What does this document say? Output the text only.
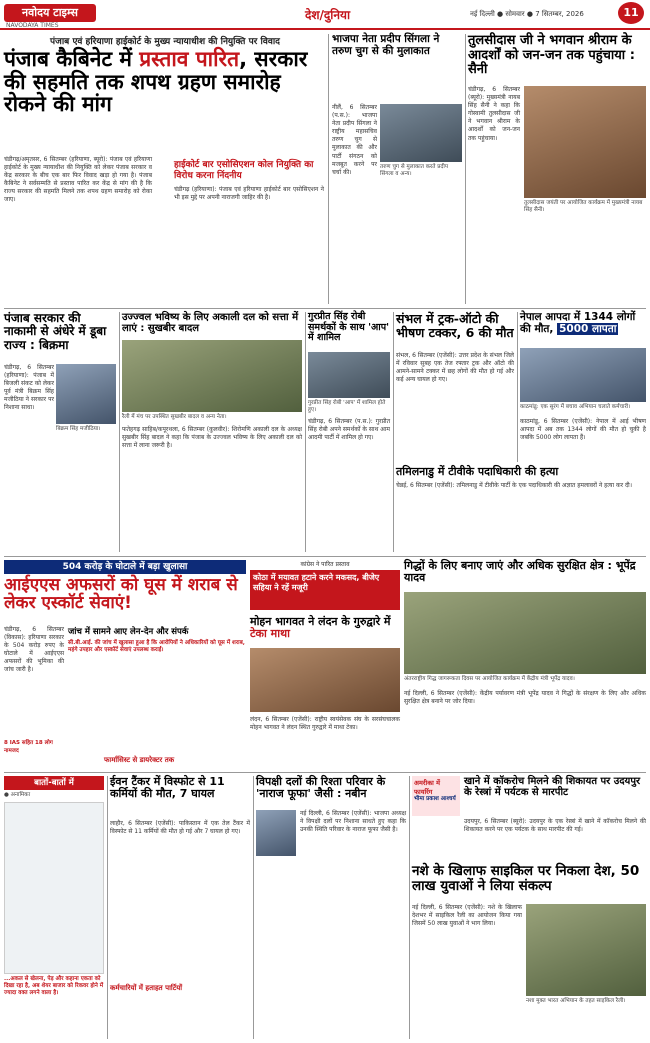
नवोदय टाइम्स
NAVODAYA TIMES
देश/दुनिया	नई दिल्ली ● सोमवार ● 7 सितम्बर, 2026	11
पंजाब एवं हरियाणा हाईकोर्ट के मुख्य न्यायाधीश की नियुक्ति पर विवाद
पंजाब कैबिनेट में प्रस्ताव पारित, सरकार की सहमति तक शपथ ग्रहण समारोह रोकने की मांग
चंडीगढ़/अमृतसर, 6 सितम्बर (हरियाणा, ब्यूरो): पंजाब एवं हरियाणा हाईकोर्ट के मुख्य न्यायाधीश की नियुक्ति को लेकर पंजाब सरकार व केंद्र सरकार के बीच एक बार फिर विवाद खड़ा हो गया है। पंजाब कैबिनेट ने सर्वसम्मति से प्रस्ताव पारित कर केंद्र से मांग की है कि राज्य सरकार की सहमति मिलने तक शपथ ग्रहण समारोह को रोका जाए।
हाईकोर्ट बार एसोसिएशन कोल नियुक्ति का विरोध करना निंदनीय
चंडीगढ़ (हरियाणा): पंजाब एवं हरियाणा हाईकोर्ट बार एसोसिएशन ने भी इस मुद्दे पर अपनी नाराजगी जाहिर की है।
भाजपा नेता प्रदीप सिंगला ने तरुण चुग से की मुलाकात
नीलैं, 6 सितम्बर (प.स.): भाजपा नेता प्रदीप सिंगला ने राष्ट्रीय महासचिव तरुण चुग से मुलाकात की और पार्टी संगठन को मजबूत करने पर चर्चा की।
तरुण चुग से मुलाकात करते प्रदीप सिंगला व अन्य।
तुलसीदास जी ने भगवान श्रीराम के आदर्शों को जन-जन तक पहुंचाया : सैनी
चंडीगढ़, 6 सितम्बर (ब्यूरो): मुख्यमंत्री नायब सिंह सैनी ने कहा कि गोस्वामी तुलसीदास जी ने भगवान श्रीराम के आदर्शों को जन-जन तक पहुंचाया।
तुलसीदास जयंती पर आयोजित कार्यक्रम में मुख्यमंत्री नायब सिंह सैनी।
पंजाब सरकार की नाकामी से अंधेरे में डूबा राज्य : बिक्रमा
बिक्रम सिंह मजीठिया।
चंडीगढ़, 6 सितम्बर (हरियाणा): पंजाब में बिजली संकट को लेकर पूर्व मंत्री बिक्रम सिंह मजीठिया ने सरकार पर निशाना साधा।
उज्ज्वल भविष्य के लिए अकाली दल को सत्ता में लाएं : सुखबीर बादल
रैली में मंच पर उपस्थित सुखबीर बादल व अन्य नेता।
फतेहगढ़ साहिब/कपूरथला, 6 सितम्बर (कुलवीर): शिरोमणि अकाली दल के अध्यक्ष सुखबीर सिंह बादल ने कहा कि पंजाब के उज्ज्वल भविष्य के लिए अकाली दल को सत्ता में लाना जरूरी है।
गुरप्रीत सिंह रोबी समर्थकों के साथ 'आप' में शामिल
गुरप्रीत सिंह रोबी 'आप' में शामिल होते हुए।
चंडीगढ़, 6 सितम्बर (प.स.): गुरप्रीत सिंह रोबी अपने समर्थकों के साथ आम आदमी पार्टी में शामिल हो गए।
संभल में ट्रक-ऑटो की भीषण टक्कर, 6 की मौत
संभल, 6 सितम्बर (एजेंसी): उत्तर प्रदेश के संभल जिले में रविवार सुबह एक तेज रफ्तार ट्रक और ऑटो की आमने-सामने टक्कर में छह लोगों की मौत हो गई और कई अन्य घायल हो गए।
तमिलनाडु में टीवीके पदाधिकारी की हत्या
चेन्नई, 6 सितम्बर (एजेंसी): तमिलनाडु में टीवीके पार्टी के एक पदाधिकारी की अज्ञात हमलावरों ने हत्या कर दी।
नेपाल आपदा में 1344 लोगों की मौत, 5000 लापता
काठमांडू: एक सुरंग में बचाव अभियान चलाते कर्मचारी।
काठमांडू, 6 सितम्बर (एजेंसी): नेपाल में आई भीषण आपदा में अब तक 1344 लोगों की मौत हो चुकी है जबकि 5000 लोग लापता हैं।
504 करोड़ के घोटाले में बड़ा खुलासा
आईएएस अफसरों को घूस में शराब से लेकर एस्कॉर्ट सेवाएं!
चंडीगढ़, 6 सितम्बर (विकास): हरियाणा सरकार के 504 करोड़ रुपए के घोटाले में आईएएस अफसरों की भूमिका की जांच जारी है।
जांच में सामने आए लेन-देन और संपर्क
सी.बी.आई. की जांच में खुलासा हुआ है कि आरोपियों ने अधिकारियों को घूस में शराब, महंगे उपहार और एस्कॉर्ट सेवाएं उपलब्ध कराईं।
8 IAS सहित 18 लोग नामजद
फार्मासिस्ट से डायरेक्टर तक
कांग्रेस ने पारित प्रस्ताव
कोठा में मयावत हटाने करने मकसद, बीजेए सहिया ने रहें मजूरी
गिद्धों के लिए बनाए जाएं और अधिक सुरक्षित क्षेत्र : भूपेंद्र यादव
अंतरराष्ट्रीय गिद्ध जागरूकता दिवस पर आयोजित कार्यक्रम में केंद्रीय मंत्री भूपेंद्र यादव।
नई दिल्ली, 6 सितम्बर (एजेंसी): केंद्रीय पर्यावरण मंत्री भूपेंद्र यादव ने गिद्धों के संरक्षण के लिए और अधिक सुरक्षित क्षेत्र बनाने पर जोर दिया।
मोहन भागवत ने लंदन के गुरुद्वारे में टेका माथा
लंदन, 6 सितम्बर (एजेंसी): राष्ट्रीय स्वयंसेवक संघ के सरसंघचालक मोहन भागवत ने लंदन स्थित गुरुद्वारे में माथा टेका।
बातों-बातों में
● अनामिका
...अकल से खेलना, पेड़ और कहाना एकता को दिखा रहा है, अब शेयर बाजार को रिकवर होने में ज्यादा वक्त लगने वाला है।
ईवन टैंकर में विस्फोट से 11 कर्मियों की मौत, 7 घायल
लाहौर, 6 सितम्बर (एजेंसी): पाकिस्तान में एक तेल टैंकर में विस्फोट से 11 कर्मियों की मौत हो गई और 7 घायल हो गए।
कर्मचारियों में हताहत पार्टियों
विपक्षी दलों की रिश्ता परिवार के 'नाराज फूफा' जैसी : नबीन
नई दिल्ली, 6 सितम्बर (एजेंसी): भाजपा अध्यक्ष ने विपक्षी दलों पर निशाना साधते हुए कहा कि उनकी स्थिति परिवार के नाराज फूफा जैसी है।
अमरीका में फायरिंग
भीमा प्रकाश आश्चर्य
खाने में कॉकरोच मिलने की शिकायत पर उदयपुर के रेस्त्रां में पर्यटक से मारपीट
उदयपुर, 6 सितम्बर (ब्यूरो): उदयपुर के एक रेस्त्रां में खाने में कॉकरोच मिलने की शिकायत करने पर एक पर्यटक के साथ मारपीट की गई।
नशे के खिलाफ साइकिल पर निकला देश, 50 लाख युवाओं ने लिया संकल्प
नई दिल्ली, 6 सितम्बर (एजेंसी): नशे के खिलाफ देशभर में साइकिल रैली का आयोजन किया गया जिसमें 50 लाख युवाओं ने भाग लिया।
नशा मुक्त भारत अभियान के तहत साइकिल रैली।
